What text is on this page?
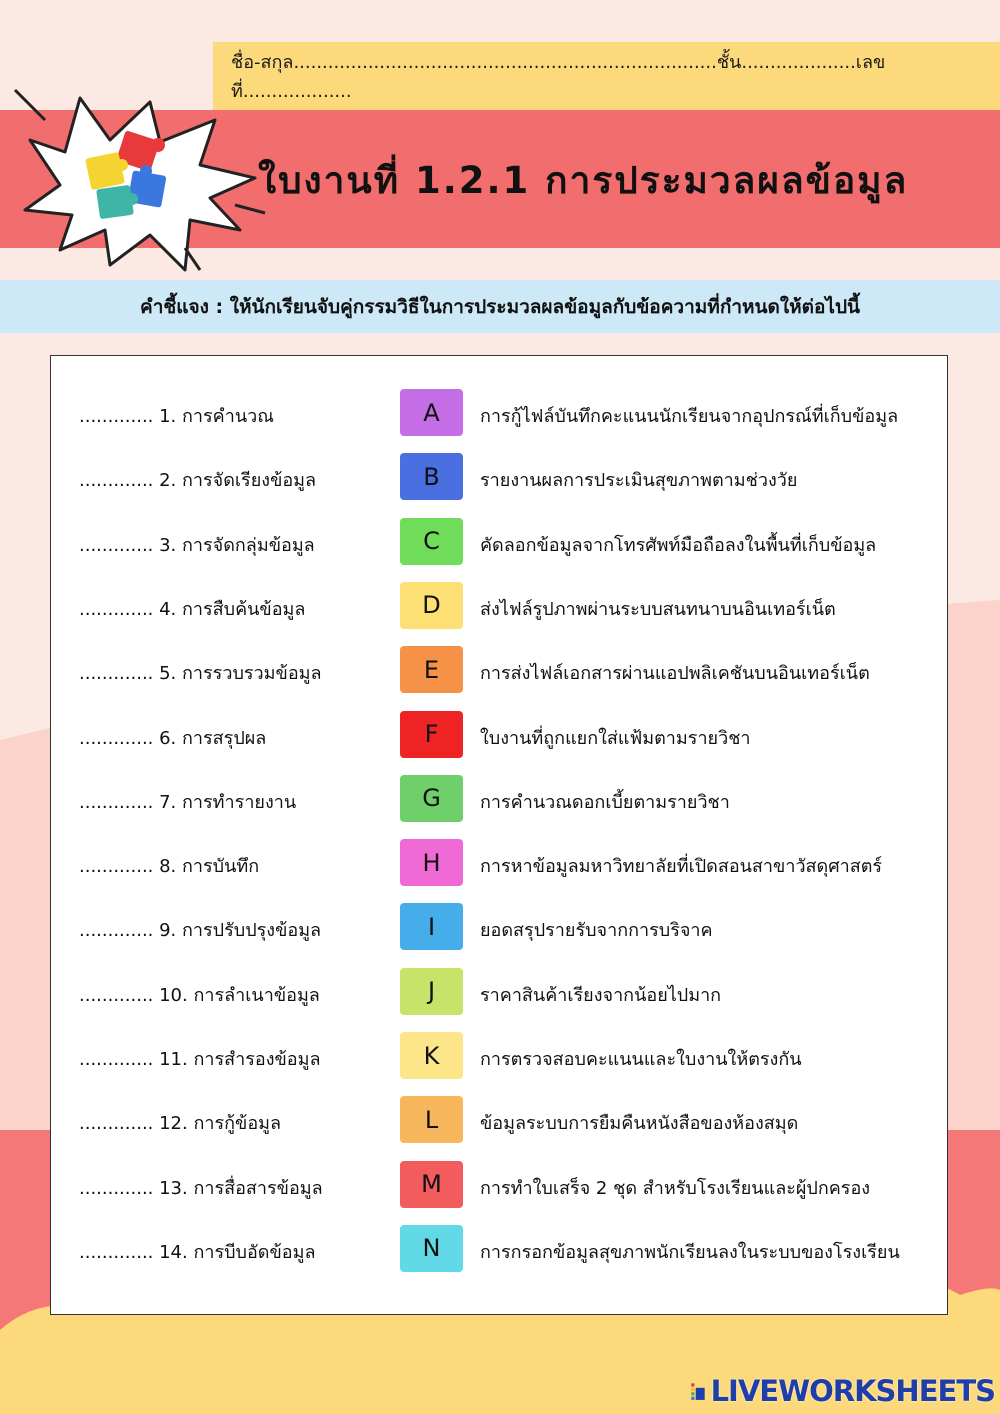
ชื่อ-สกุล..........................................................................ชั้น....................เลขที่...................
ใบงานที่ 1.2.1 การประมวลผลข้อมูล
คำชี้แจง : ให้นักเรียนจับคู่กรรมวิธีในการประมวลผลข้อมูลกับข้อความที่กำหนดให้ต่อไปนี้
............. 1. การคำนวณ	A	การกู้ไฟล์บันทึกคะแนนนักเรียนจากอุปกรณ์ที่เก็บข้อมูล
............. 2. การจัดเรียงข้อมูล	B	รายงานผลการประเมินสุขภาพตามช่วงวัย
............. 3. การจัดกลุ่มข้อมูล	C	คัดลอกข้อมูลจากโทรศัพท์มือถือลงในพื้นที่เก็บข้อมูล
............. 4. การสืบค้นข้อมูล	D	ส่งไฟล์รูปภาพผ่านระบบสนทนาบนอินเทอร์เน็ต
............. 5. การรวบรวมข้อมูล	E	การส่งไฟล์เอกสารผ่านแอปพลิเคชันบนอินเทอร์เน็ต
............. 6. การสรุปผล	F	ใบงานที่ถูกแยกใส่แฟ้มตามรายวิชา
............. 7. การทำรายงาน	G	การคำนวณดอกเบี้ยตามรายวิชา
............. 8. การบันทึก	H	การหาข้อมูลมหาวิทยาลัยที่เปิดสอนสาขาวัสดุศาสตร์
............. 9. การปรับปรุงข้อมูล	I	ยอดสรุปรายรับจากการบริจาค
............. 10. การลำเนาข้อมูล	J	ราคาสินค้าเรียงจากน้อยไปมาก
............. 11. การสำรองข้อมูล	K	การตรวจสอบคะแนนและใบงานให้ตรงกัน
............. 12. การกู้ข้อมูล	L	ข้อมูลระบบการยืมคืนหนังสือของห้องสมุด
............. 13. การสื่อสารข้อมูล	M	การทำใบเสร็จ 2 ชุด สำหรับโรงเรียนและผู้ปกครอง
............. 14. การบีบอัดข้อมูล	N	การกรอกข้อมูลสุขภาพนักเรียนลงในระบบของโรงเรียน
LIVEWORKSHEETS
